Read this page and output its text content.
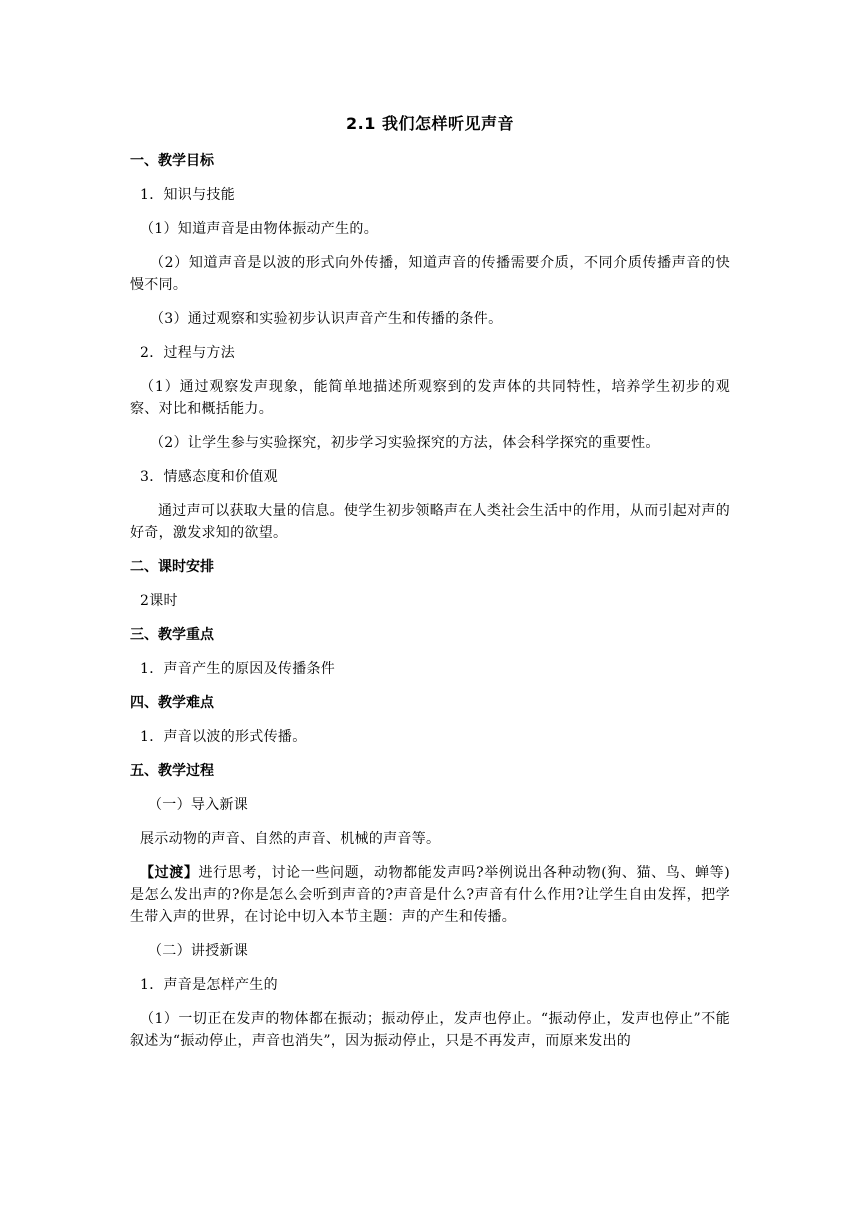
2.1 我们怎样听见声音
一、教学目标
1．知识与技能
（1）知道声音是由物体振动产生的。
（2）知道声音是以波的形式向外传播，知道声音的传播需要介质，不同介质传播声音的快慢不同。
（3）通过观察和实验初步认识声音产生和传播的条件。
2．过程与方法
（1）通过观察发声现象，能简单地描述所观察到的发声体的共同特性，培养学生初步的观察、对比和概括能力。
（2）让学生参与实验探究，初步学习实验探究的方法，体会科学探究的重要性。
3．情感态度和价值观
通过声可以获取大量的信息。使学生初步领略声在人类社会生活中的作用，从而引起对声的好奇，激发求知的欲望。
二、课时安排
2课时
三、教学重点
1．声音产生的原因及传播条件
四、教学难点
1．声音以波的形式传播。
五、教学过程
（一）导入新课
展示动物的声音、自然的声音、机械的声音等。
【过渡】进行思考，讨论一些问题，动物都能发声吗?举例说出各种动物(狗、猫、鸟、蝉等)是怎么发出声的?你是怎么会听到声音的?声音是什么?声音有什么作用?让学生自由发挥，把学生带入声的世界，在讨论中切入本节主题：声的产生和传播。
（二）讲授新课
1．声音是怎样产生的
（1）一切正在发声的物体都在振动；振动停止，发声也停止。“振动停止，发声也停止”不能叙述为“振动停止，声音也消失”，因为振动停止，只是不再发声，而原来发出的
